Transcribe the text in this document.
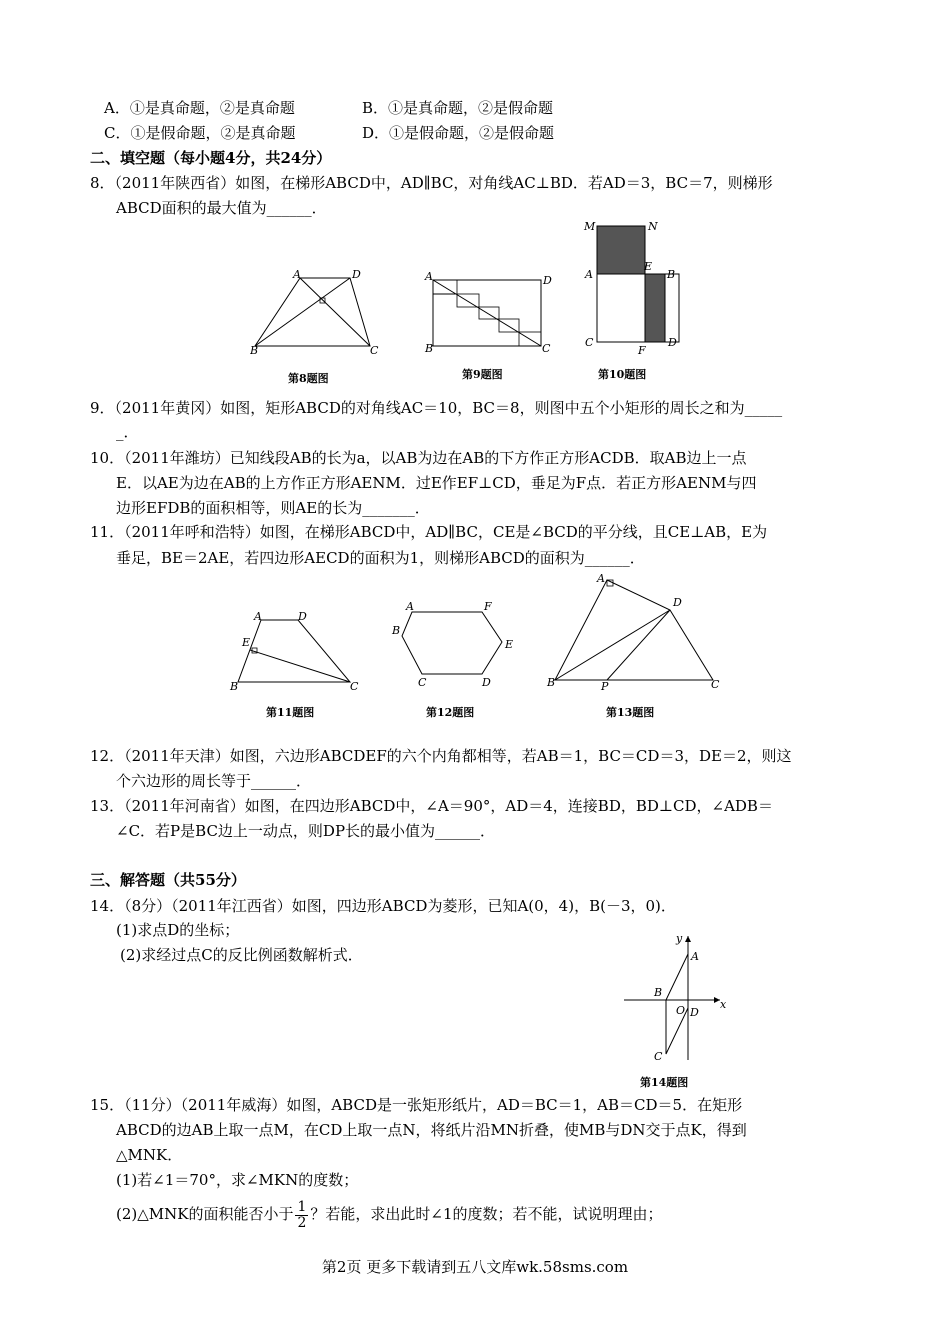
A．①是真命题，②是真命题	B．①是真命题，②是假命题
C．①是假命题，②是真命题	D．①是假命题，②是假命题
二、填空题（每小题4分，共24分）
8．（2011年陕西省）如图，在梯形ABCD中，AD∥BC，对角线AC⊥BD．若AD＝3，BC＝7，则梯形
ABCD面积的最大值为______．
A	D
B	C
第8题图
A	D
B	C
第9题图
M	N
A
E
B
C
F
D
第10题图
9．（2011年黄冈）如图，矩形ABCD的对角线AC＝10，BC＝8，则图中五个小矩形的周长之和为_____
_．
10．（2011年潍坊）已知线段AB的长为a，以AB为边在AB的下方作正方形ACDB．取AB边上一点
E．以AE为边在AB的上方作正方形AENM．过E作EF⊥CD，垂足为F点．若正方形AENM与四
边形EFDB的面积相等，则AE的长为_______．
11．（2011年呼和浩特）如图，在梯形ABCD中，AD∥BC，CE是∠BCD的平分线，且CE⊥AB，E为
垂足，BE＝2AE，若四边形AECD的面积为1，则梯形ABCD的面积为______．
A	D
E
B	C
第11题图
A	F
B
E
C	D
第12题图
A
D
B	P	C
第13题图
12．（2011年天津）如图，六边形ABCDEF的六个内角都相等，若AB＝1，BC＝CD＝3，DE＝2，则这
个六边形的周长等于______．
13．（2011年河南省）如图，在四边形ABCD中，∠A＝90°，AD＝4，连接BD，BD⊥CD，∠ADB＝
∠C．若P是BC边上一动点，则DP长的最小值为______．
三、解答题（共55分）
14．（8分）（2011年江西省）如图，四边形ABCD为菱形，已知A(0，4)，B(－3，0)．
(1)求点D的坐标；
(2)求经过点C的反比例函数解析式．
y
A
B
O	x
D
C
第14题图
15．（11分）（2011年威海）如图，ABCD是一张矩形纸片，AD＝BC＝1，AB＝CD＝5．在矩形
ABCD的边AB上取一点M，在CD上取一点N，将纸片沿MN折叠，使MB与DN交于点K，得到
△MNK．
(1)若∠1＝70°，求∠MKN的度数；
(2)△MNK的面积能否小于 $\frac{1}{2}$ ？若能，求出此时∠1的度数；若不能，试说明理由；
第2页 更多下载请到五八文库wk.58sms.com
